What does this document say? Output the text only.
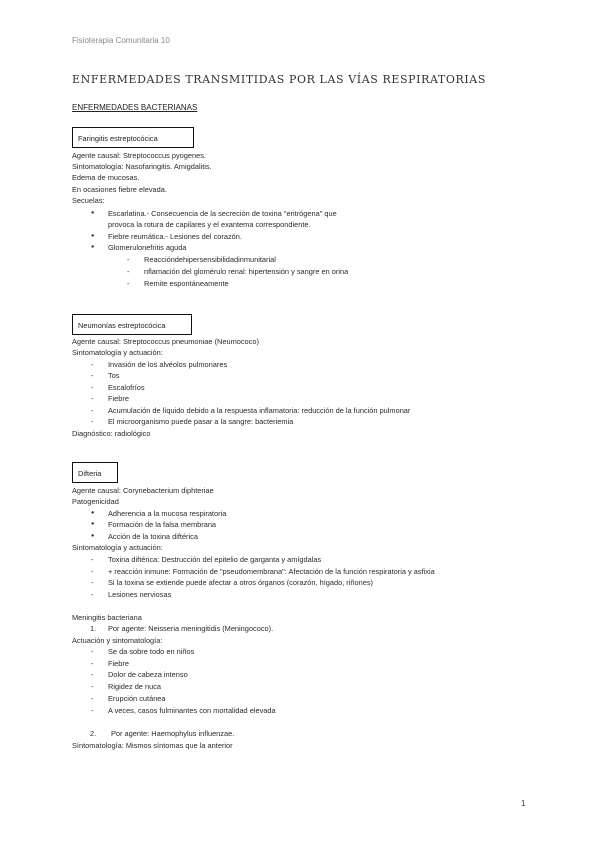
Fisioterapia Comunitaria 10
ENFERMEDADES TRANSMITIDAS POR LAS VÍAS RESPIRATORIAS
ENFERMEDADES BACTERIANAS
Faringitis estreptocócica
Agente causal: Streptococcus pyogenes.
Sintomatología: Nasofaringitis. Amigdalitis.
Edema de mucosas.
En ocasiones fiebre elevada.
Secuelas:
● Escarlatina.- Consecuencia de la secreción de toxina "eritrógena" que
provoca la rotura de capilares y el exantema correspondiente.
● Fiebre reumática.- Lesiones del corazón.
● Glomerulonefritis aguda
- Reaccióndehipersensibilidadinmunitarial
- nflamación del glomérulo renal: hipertensión y sangre en orina
- Remite espontáneamente
Neumonías estreptocócica
Agente causal: Streptococcus pneumoniae (Neumococo)
Sintomatología y actuación:
- Invasión de los alvéolos pulmonares
- Tos
- Escalofríos
- Fiebre
- Acumulación de líquido debido a la respuesta inflamatoria: reducción de la función pulmonar
- El microorganismo puede pasar a la sangre: bacteriemia
Diagnóstico: radiológico
Difteria
Agente causal: Corynebacterium diphteriae
Patogenicidad
● Adherencia a la mucosa respiratoria
● Formación de la falsa membrana
● Acción de la toxina diftérica
Sintomatología y actuación:
- Toxina diftérica: Destrucción del epitelio de garganta y amígdalas
- + reacción inmune: Formación de "pseudomembrana": Afectación de la función respiratoria y asfixia
- Si la toxina se extiende puede afectar a otros órganos (corazón, hígado, riñones)
- Lesiones nerviosas
Meningitis bacteriana
1. Por agente: Neisseria meningitidis (Meningococo).
Actuación y sintomatología:
- Se da sobre todo en niños
- Fiebre
- Dolor de cabeza intenso
- Rigidez de nuca
- Erupción cutánea
- A veces, casos fulminantes con mortalidad elevada
2. Por agente: Haemophylus influenzae.
Síntomatología: Mismos síntomas que la anterior
1
